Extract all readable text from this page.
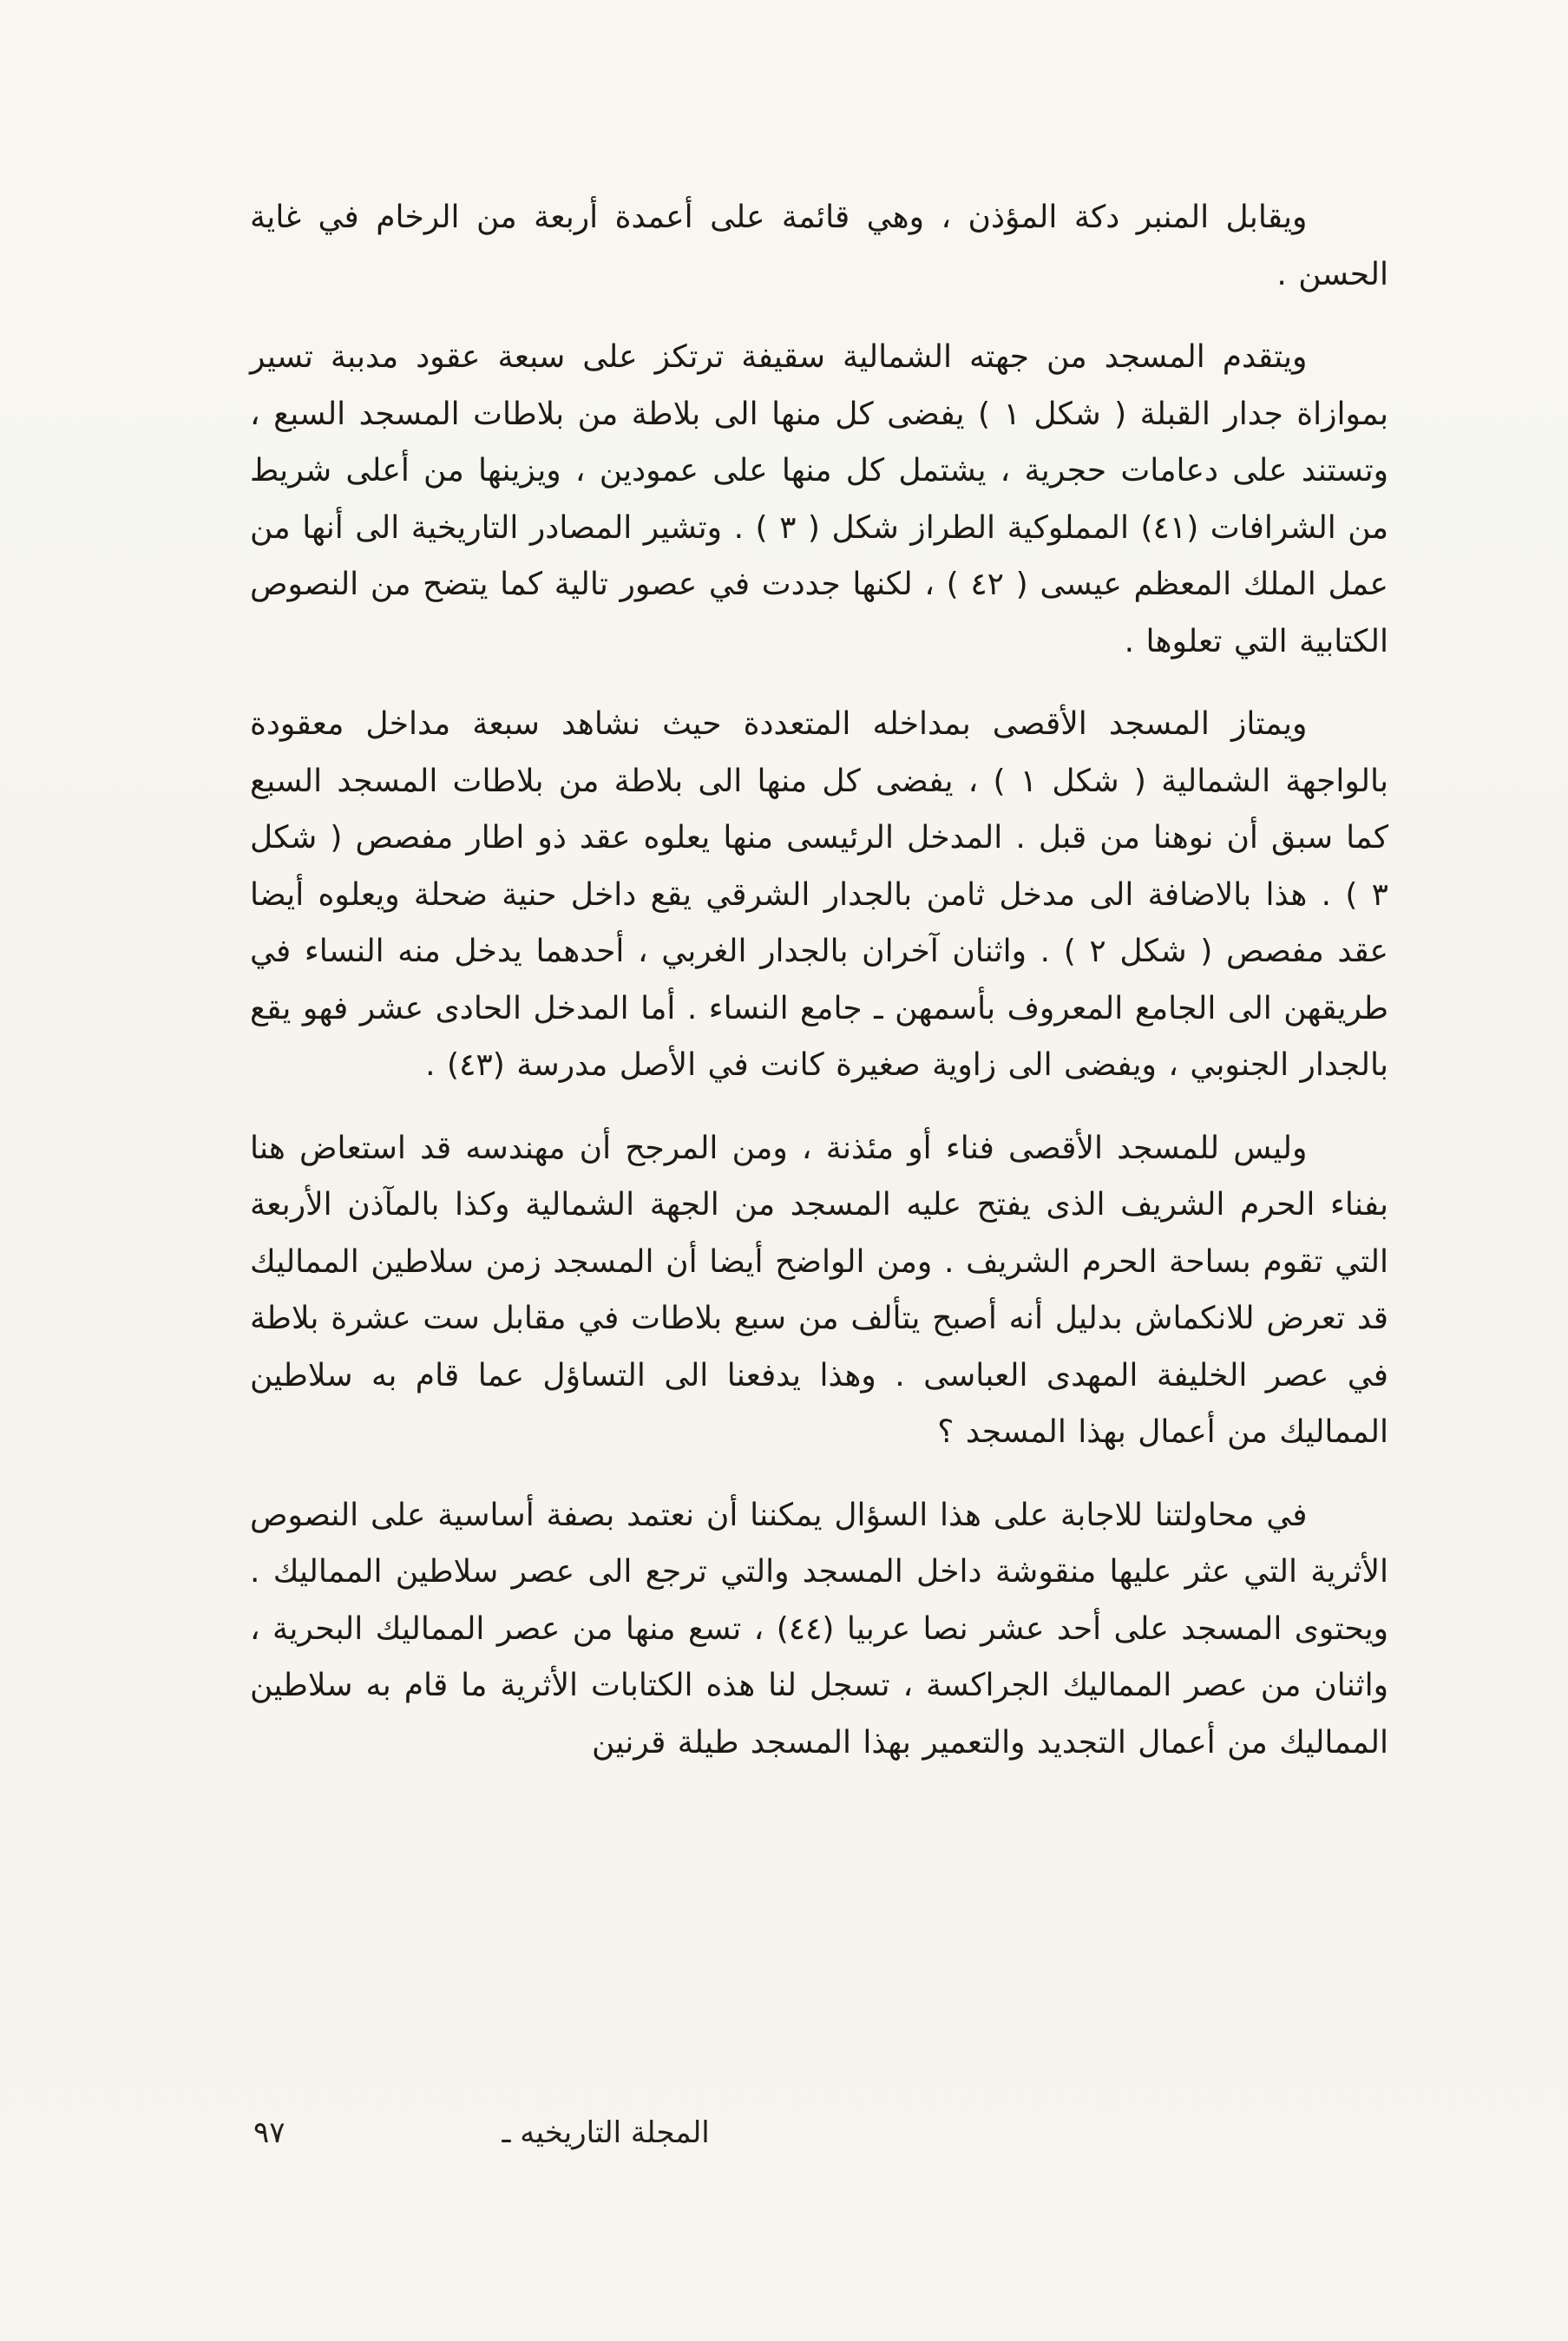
ويقابل المنبر دكة المؤذن ، وهي قائمة على أعمدة أربعة من الرخام في غاية الحسن .

ويتقدم المسجد من جهته الشمالية سقيفة ترتكز على سبعة عقود مدببة تسير بموازاة جدار القبلة ( شكل ١ ) يفضى كل منها الى بلاطة من بلاطات المسجد السبع ، وتستند على دعامات حجرية ، يشتمل كل منها على عمودين ، ويزينها من أعلى شريط من الشرافات (٤١) المملوكية الطراز شكل ( ٣ ) . وتشير المصادر التاريخية الى أنها من عمل الملك المعظم عيسى ( ٤٢ ) ، لكنها جددت في عصور تالية كما يتضح من النصوص الكتابية التي تعلوها .

ويمتاز المسجد الأقصى بمداخله المتعددة حيث نشاهد سبعة مداخل معقودة بالواجهة الشمالية ( شكل ١ ) ، يفضى كل منها الى بلاطة من بلاطات المسجد السبع كما سبق أن نوهنا من قبل . المدخل الرئيسى منها يعلوه عقد ذو اطار مفصص ( شكل ٣ ) . هذا بالاضافة الى مدخل ثامن بالجدار الشرقي يقع داخل حنية ضحلة ويعلوه أيضا عقد مفصص ( شكل ٢ ) . واثنان آخران بالجدار الغربي ، أحدهما يدخل منه النساء في طريقهن الى الجامع المعروف بأسمهن ـ جامع النساء . أما المدخل الحادى عشر فهو يقع بالجدار الجنوبي ، ويفضى الى زاوية صغيرة كانت في الأصل مدرسة (٤٣) .

وليس للمسجد الأقصى فناء أو مئذنة ، ومن المرجح أن مهندسه قد استعاض هنا بفناء الحرم الشريف الذى يفتح عليه المسجد من الجهة الشمالية وكذا بالمآذن الأربعة التي تقوم بساحة الحرم الشريف . ومن الواضح أيضا أن المسجد زمن سلاطين المماليك قد تعرض للانكماش بدليل أنه أصبح يتألف من سبع بلاطات في مقابل ست عشرة بلاطة في عصر الخليفة المهدى العباسى . وهذا يدفعنا الى التساؤل عما قام به سلاطين المماليك من أعمال بهذا المسجد ؟

في محاولتنا للاجابة على هذا السؤال يمكننا أن نعتمد بصفة أساسية على النصوص الأثرية التي عثر عليها منقوشة داخل المسجد والتي ترجع الى عصر سلاطين المماليك . ويحتوى المسجد على أحد عشر نصا عربيا (٤٤) ، تسع منها من عصر المماليك البحرية ، واثنان من عصر المماليك الجراكسة ، تسجل لنا هذه الكتابات الأثرية ما قام به سلاطين المماليك من أعمال التجديد والتعمير بهذا المسجد طيلة قرنين

المجلة التاريخيه ـ
٩٧
